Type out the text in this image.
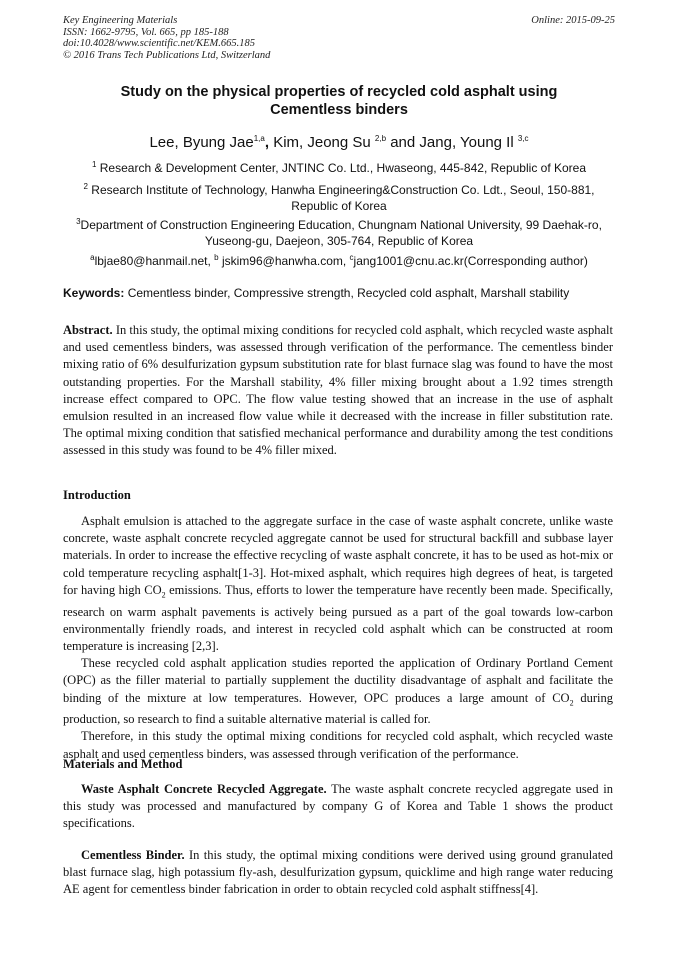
Key Engineering Materials
ISSN: 1662-9795, Vol. 665, pp 185-188
doi:10.4028/www.scientific.net/KEM.665.185
© 2016 Trans Tech Publications Ltd, Switzerland
Online: 2015-09-25
Study on the physical properties of recycled cold asphalt using Cementless binders
Lee, Byung Jae$^{1,a}$, Kim, Jeong Su $^{2,b}$ and Jang, Young Il $^{3,c}$
$^1$ Research & Development Center, JNTINC Co. Ltd., Hwaseong, 445-842, Republic of Korea
$^2$ Research Institute of Technology, Hanwha Engineering&Construction Co. Ldt., Seoul, 150-881, Republic of Korea
$^3$Department of Construction Engineering Education, Chungnam National University, 99 Daehak-ro, Yuseong-gu, Daejeon, 305-764, Republic of Korea
$^a$lbjae80@hanmail.net, $^b$ jskim96@hanwha.com, $^c$jang1001@cnu.ac.kr(Corresponding author)
Keywords: Cementless binder, Compressive strength, Recycled cold asphalt, Marshall stability
Abstract. In this study, the optimal mixing conditions for recycled cold asphalt, which recycled waste asphalt and used cementless binders, was assessed through verification of the performance. The cementless binder mixing ratio of 6% desulfurization gypsum substitution rate for blast furnace slag was found to have the most outstanding properties. For the Marshall stability, 4% filler mixing brought about a 1.92 times strength increase effect compared to OPC. The flow value testing showed that an increase in the use of asphalt emulsion resulted in an increased flow value while it decreased with the increase in filler substitution rate. The optimal mixing condition that satisfied mechanical performance and durability among the test conditions assessed in this study was found to be 4% filler mixed.
Introduction

Asphalt emulsion is attached to the aggregate surface in the case of waste asphalt concrete, unlike waste concrete, waste asphalt concrete recycled aggregate cannot be used for structural backfill and subbase layer materials. In order to increase the effective recycling of waste asphalt concrete, it has to be used as hot-mix or cold temperature recycling asphalt[1-3]. Hot-mixed asphalt, which requires high degrees of heat, is targeted for having high $CO_2$ emissions. Thus, efforts to lower the temperature have recently been made. Specifically, research on warm asphalt pavements is actively being pursued as a part of the goal towards low-carbon environmentally friendly roads, and interest in recycled cold asphalt which can be constructed at room temperature is increasing [2,3].

These recycled cold asphalt application studies reported the application of Ordinary Portland Cement (OPC) as the filler material to partially supplement the ductility disadvantage of asphalt and facilitate the binding of the mixture at low temperatures. However, OPC produces a large amount of $CO_2$ during production, so research to find a suitable alternative material is called for.

Therefore, in this study the optimal mixing conditions for recycled cold asphalt, which recycled waste asphalt and used cementless binders, was assessed through verification of the performance.

Materials and Method

Waste Asphalt Concrete Recycled Aggregate. The waste asphalt concrete recycled aggregate used in this study was processed and manufactured by company G of Korea and Table 1 shows the product specifications.

Cementless Binder. In this study, the optimal mixing conditions were derived using ground granulated blast furnace slag, high potassium fly-ash, desulfurization gypsum, quicklime and high range water reducing AE agent for cementless binder fabrication in order to obtain recycled cold asphalt stiffness[4].
